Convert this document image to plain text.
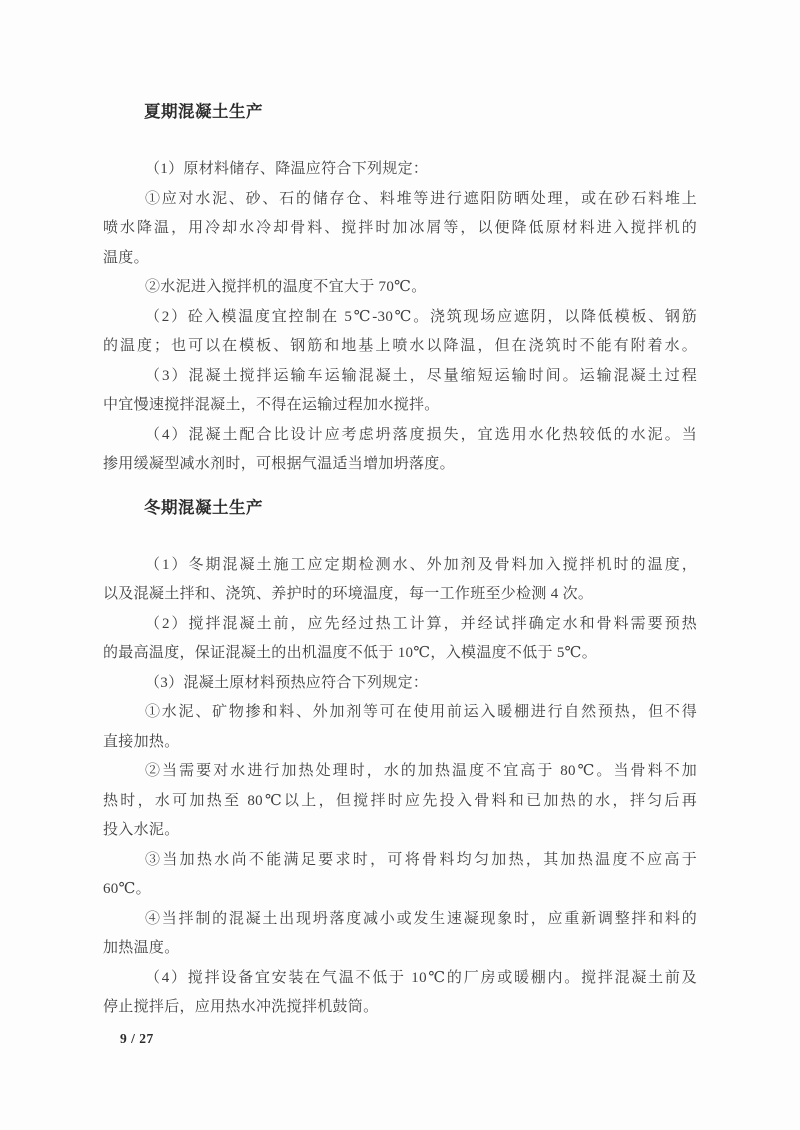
夏期混凝土生产
（1）原材料储存、降温应符合下列规定：
①应对水泥、砂、石的储存仓、料堆等进行遮阳防晒处理，或在砂石料堆上
喷水降温，用冷却水冷却骨料、搅拌时加冰屑等，以便降低原材料进入搅拌机的
温度。
②水泥进入搅拌机的温度不宜大于 70℃。
（2）砼入模温度宜控制在 5℃-30℃。浇筑现场应遮阴，以降低模板、钢筋
的温度；也可以在模板、钢筋和地基上喷水以降温，但在浇筑时不能有附着水。
（3）混凝土搅拌运输车运输混凝土，尽量缩短运输时间。运输混凝土过程
中宜慢速搅拌混凝土，不得在运输过程加水搅拌。
（4）混凝土配合比设计应考虑坍落度损失，宜选用水化热较低的水泥。当
掺用缓凝型减水剂时，可根据气温适当增加坍落度。
冬期混凝土生产
（1）冬期混凝土施工应定期检测水、外加剂及骨料加入搅拌机时的温度，
以及混凝土拌和、浇筑、养护时的环境温度，每一工作班至少检测 4 次。
（2）搅拌混凝土前，应先经过热工计算，并经试拌确定水和骨料需要预热
的最高温度，保证混凝土的出机温度不低于 10℃，入模温度不低于 5℃。
（3）混凝土原材料预热应符合下列规定：
①水泥、矿物掺和料、外加剂等可在使用前运入暖棚进行自然预热，但不得
直接加热。
②当需要对水进行加热处理时，水的加热温度不宜高于 80℃。当骨料不加
热时，水可加热至 80℃以上，但搅拌时应先投入骨料和已加热的水，拌匀后再
投入水泥。
③当加热水尚不能满足要求时，可将骨料均匀加热，其加热温度不应高于
60℃。
④当拌制的混凝土出现坍落度减小或发生速凝现象时，应重新调整拌和料的
加热温度。
（4）搅拌设备宜安装在气温不低于 10℃的厂房或暖棚内。搅拌混凝土前及
停止搅拌后，应用热水冲洗搅拌机鼓筒。
9 / 27
